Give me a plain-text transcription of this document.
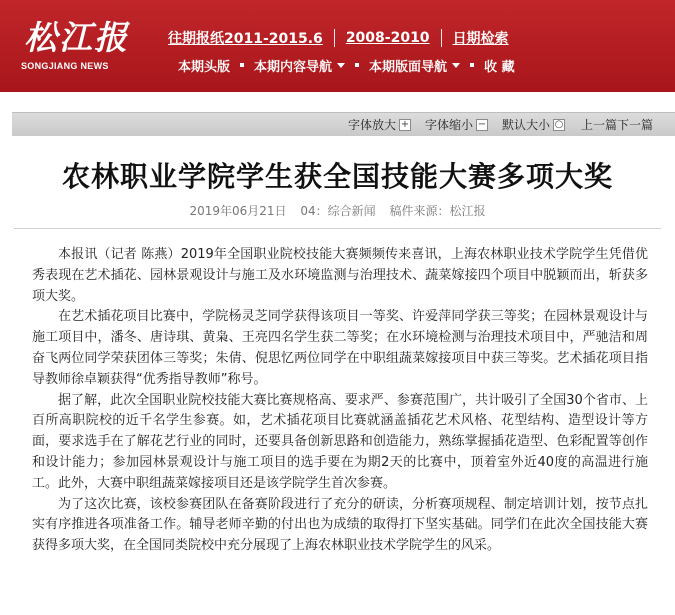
松江报
SONGJIANG NEWS
往期报纸2011-2015.6 2008-2010 日期检索
本期头版 本期内容导航	本期版面导航	收 藏
字体放大 + 字体缩小 − 默认大小 ○ 上一篇下一篇
农林职业学院学生获全国技能大赛多项大奖
2019年06月21日 04：综合新闻 稿件来源：松江报

本报讯（记者 陈燕）2019年全国职业院校技能大赛频频传来喜讯，上海农林职业技术学院学生凭借优秀表现在艺术插花、园林景观设计与施工及水环境监测与治理技术、蔬菜嫁接四个项目中脱颖而出，斩获多项大奖。

在艺术插花项目比赛中，学院杨灵芝同学获得该项目一等奖、许爱萍同学获三等奖；在园林景观设计与施工项目中，潘冬、唐诗琪、黄枭、王亮四名学生获二等奖；在水环境检测与治理技术项目中，严驰洁和周奋飞两位同学荣获团体三等奖；朱倩、倪思忆两位同学在中职组蔬菜嫁接项目中获三等奖。艺术插花项目指导教师徐卓颖获得“优秀指导教师”称号。

据了解，此次全国职业院校技能大赛比赛规格高、要求严、参赛范围广，共计吸引了全国30个省市、上百所高职院校的近千名学生参赛。如，艺术插花项目比赛就涵盖插花艺术风格、花型结构、造型设计等方面，要求选手在了解花艺行业的同时，还要具备创新思路和创造能力，熟练掌握插花造型、色彩配置等创作和设计能力；参加园林景观设计与施工项目的选手要在为期2天的比赛中，顶着室外近40度的高温进行施工。此外，大赛中职组蔬菜嫁接项目还是该学院学生首次参赛。

为了这次比赛，该校参赛团队在备赛阶段进行了充分的研读，分析赛项规程、制定培训计划，按节点扎实有序推进各项准备工作。辅导老师辛勤的付出也为成绩的取得打下坚实基础。同学们在此次全国技能大赛获得多项大奖，在全国同类院校中充分展现了上海农林职业技术学院学生的风采。
